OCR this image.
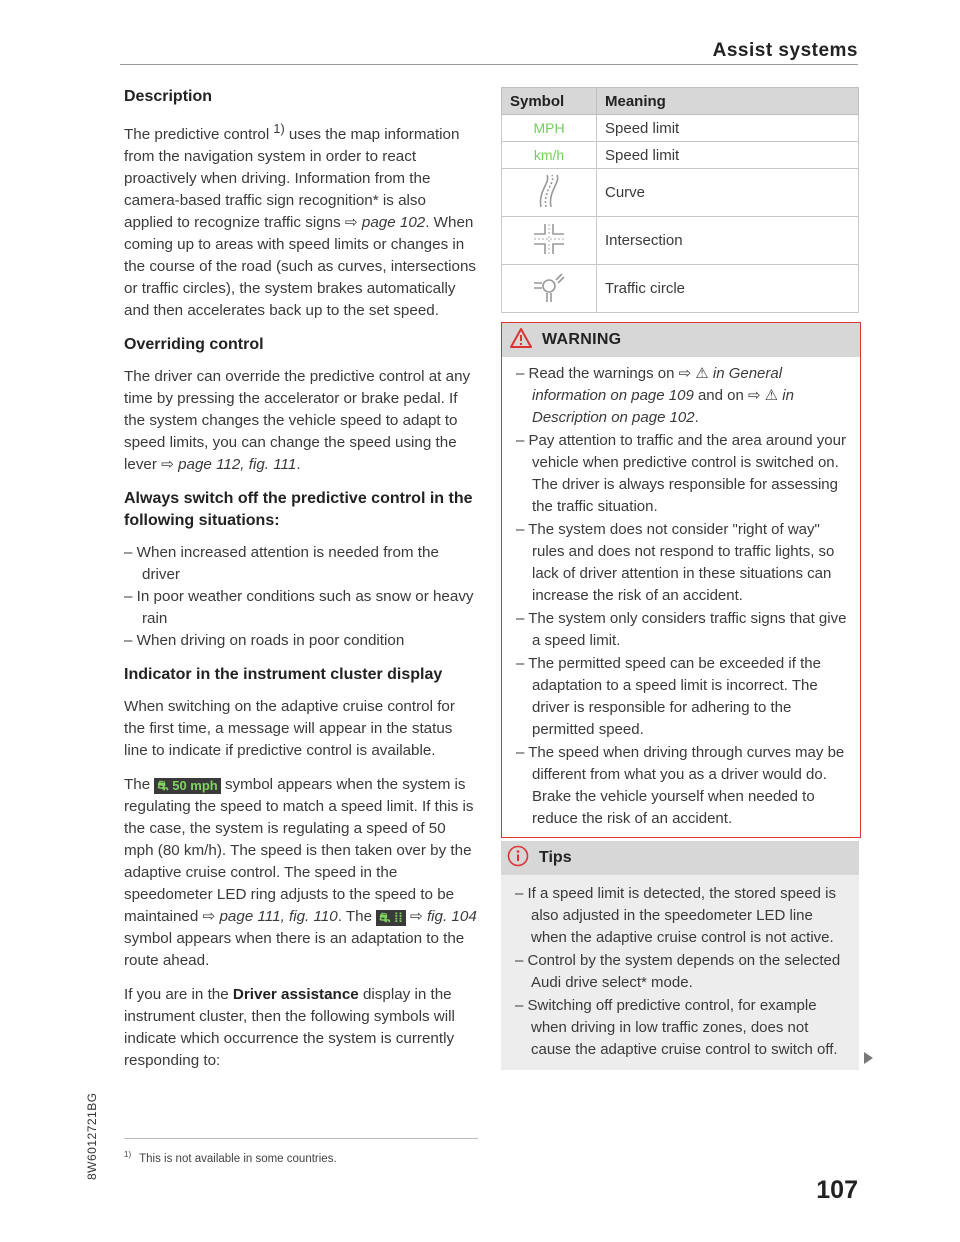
Assist systems
Description

The predictive control $^{1)}$ uses the map information from the navigation system in order to react proactively when driving. Information from the camera-based traffic sign recognition* is also applied to recognize traffic signs ⇨ page 102. When coming up to areas with speed limits or changes in the course of the road (such as curves, intersections or traffic circles), the system brakes automatically and then accelerates back up to the set speed.

Overriding control

The driver can override the predictive control at any time by pressing the accelerator or brake pedal. If the system changes the vehicle speed to adapt to speed limits, you can change the speed using the lever ⇨ page 112, fig. 111.

Always switch off the predictive control in the following situations:

– When increased attention is needed from the driver

– In poor weather conditions such as snow or heavy rain

– When driving on roads in poor condition

Indicator in the instrument cluster display

When switching on the adaptive cruise control for the first time, a message will appear in the status line to indicate if predictive control is available.

The ⛐ 50 mph symbol appears when the system is regulating the speed to match a speed limit. If this is the case, the system is regulating a speed of 50 mph (80 km/h). The speed is then taken over by the adaptive cruise control. The speed in the speedometer LED ring adjusts to the speed to be maintained ⇨ page 111, fig. 110. The ⛐ ⁞⁞ ⇨ fig. 104 symbol appears when there is an adaptation to the route ahead.

If you are in the Driver assistance display in the instrument cluster, then the following symbols will indicate which occurrence the system is currently responding to:

$^{1)}$ This is not available in some countries.
8W6012721BG
Symbol	Meaning
MPH	Speed limit
km/h	Speed limit
	Curve
	Intersection
	Traffic circle
WARNING

– Read the warnings on ⇨ ⚠ in General information on page 109 and on ⇨ ⚠ in Description on page 102.

– Pay attention to traffic and the area around your vehicle when predictive control is switched on. The driver is always responsible for assessing the traffic situation.

– The system does not consider "right of way" rules and does not respond to traffic lights, so lack of driver attention in these situations can increase the risk of an accident.

– The system only considers traffic signs that give a speed limit.

– The permitted speed can be exceeded if the adaptation to a speed limit is incorrect. The driver is responsible for adhering to the permitted speed.

– The speed when driving through curves may be different from what you as a driver would do. Brake the vehicle yourself when needed to reduce the risk of an accident.

Tips

– If a speed limit is detected, the stored speed is also adjusted in the speedometer LED line when the adaptive cruise control is not active.

– Control by the system depends on the selected Audi drive select* mode.

– Switching off predictive control, for example when driving in low traffic zones, does not cause the adaptive cruise control to switch off.

107
